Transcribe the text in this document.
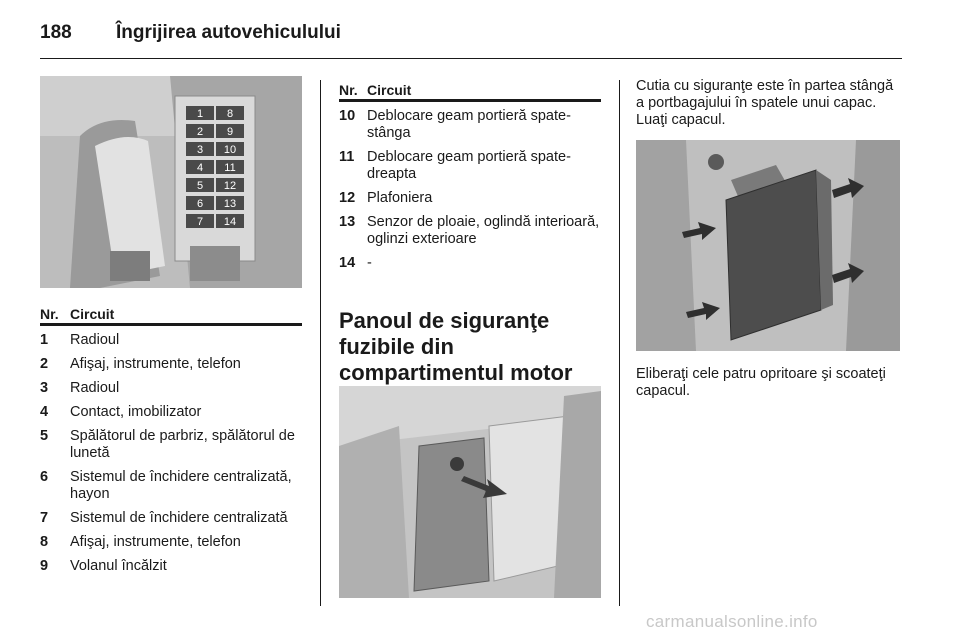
188 Îngrijirea autovehiculului
1 8
2 9
3 10
4 11
5 12
6 13
7 14
Nr. Circuit
1	Radioul
2	Afişaj, instrumente, telefon
3	Radioul
4	Contact, imobilizator
5	Spălătorul de parbriz, spălătorul de lunetă
6	Sistemul de închidere centralizată, hayon
7	Sistemul de închidere centralizată
8	Afişaj, instrumente, telefon
9	Volanul încălzit
Nr. Circuit
10 Deblocare geam portieră spate- stânga
11 Deblocare geam portieră spate- dreapta
12 Plafoniera
13 Senzor de ploaie, oglindă interioară, oglinzi exterioare
14 -
Panoul de siguranţe fuzibile din compartimentul motor
Cutia cu siguranţe este în partea stângă a portbagajului în spatele unui capac. Luaţi capacul.
Eliberaţi cele patru opritoare şi scoateţi capacul.
carmanualsonline.info
